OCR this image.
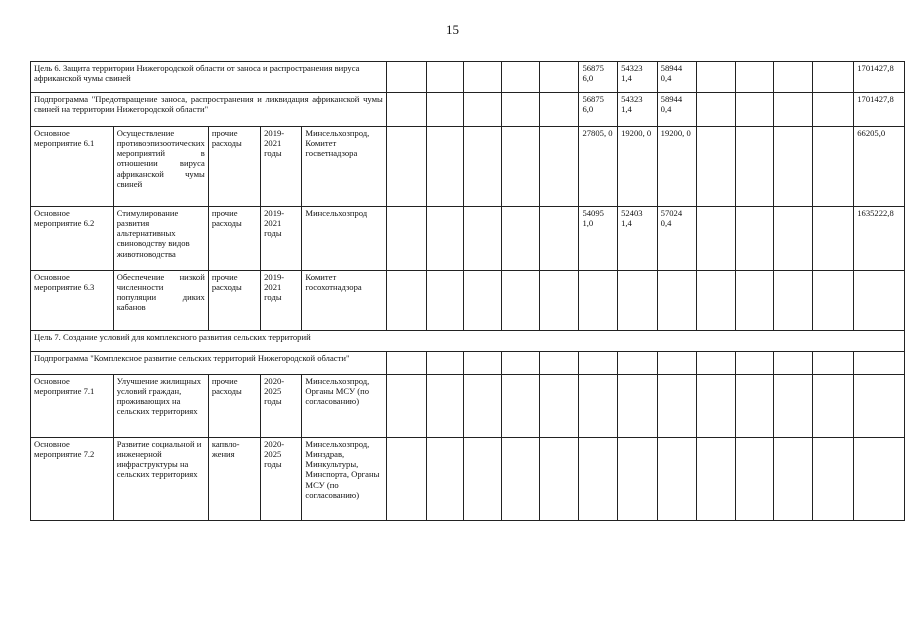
15
Цель 6. Защита территории Нижегородской области от заноса и распространения вируса африканской чумы свиней										56875 6,0	54323 1,4	58944 0,4					1701427,8
Подпрограмма "Предотвращение заноса, распространения и ликвидация африканской чумы свиней на территории Нижегородской области"										56875 6,0	54323 1,4	58944 0,4					1701427,8
Основное мероприятие 6.1	Осуществление противоэпизоотических мероприятий в отношении вируса африканской чумы свиней	прочие расходы	2019-2021 годы	Минсельхозпрод, Комитет госветнадзора						27805, 0	19200, 0	19200, 0					66205,0
Основное мероприятие 6.2	Стимулирование развития альтернативных свиноводству видов животноводства	прочие расходы	2019-2021 годы	Минсельхозпрод						54095 1,0	52403 1,4	57024 0,4					1635222,8
Основное мероприятие 6.3	Обеспечение низкой численности популяции диких кабанов	прочие расходы	2019-2021 годы	Комитет госохотнадзора													
Цель 7. Создание условий для комплексного развития сельских территорий																	
Подпрограмма "Комплексное развитие сельских территорий Нижегородской области"																	
Основное мероприятие 7.1	Улучшение жилищных условий граждан, проживающих на сельских территориях	прочие расходы	2020-2025 годы	Минсельхозпрод, Органы МСУ (по согласованию)													
Основное мероприятие 7.2	Развитие социальной и инженерной инфраструктуры на сельских территориях	капвло-жения	2020-2025 годы	Минсельхозпрод, Минздрав, Минкультуры, Минспорта, Органы МСУ (по согласованию)													
